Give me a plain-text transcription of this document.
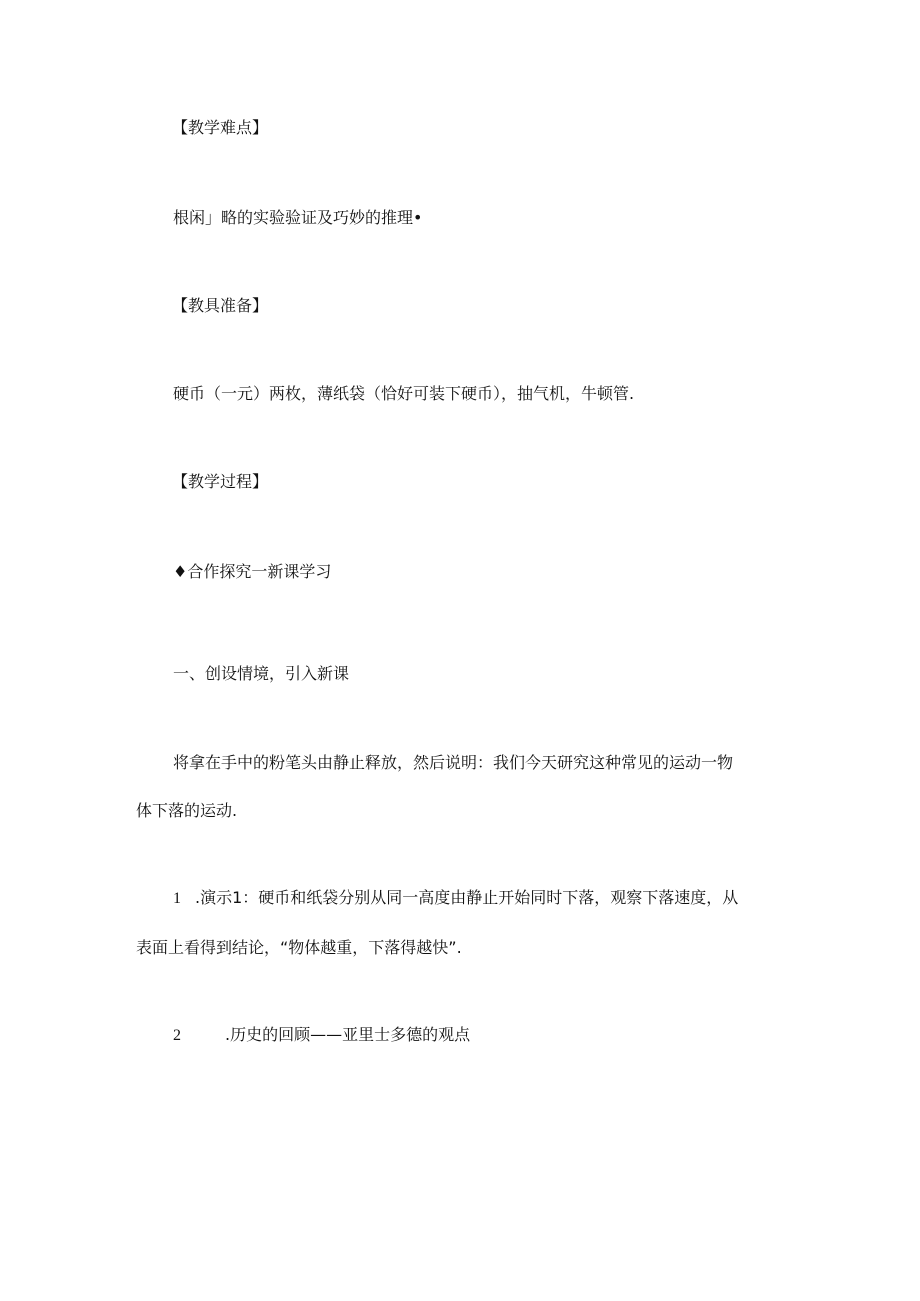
【教学难点】
根闲」略的实验验证及巧妙的推理•
【教具准备】
硬币（一元）两枚，薄纸袋（恰好可装下硬币），抽气机，牛顿管.
【教学过程】
♦合作探究一新课学习
一、创设情境，引入新课
将拿在手中的粉笔头由静止释放，然后说明：我们今天研究这种常见的运动一物
体下落的运动.
1 .演示1：硬币和纸袋分别从同一高度由静止开始同时下落，观察下落速度，从
表面上看得到结论，“物体越重，下落得越快”.
2	.历史的回顾——亚里士多德的观点
